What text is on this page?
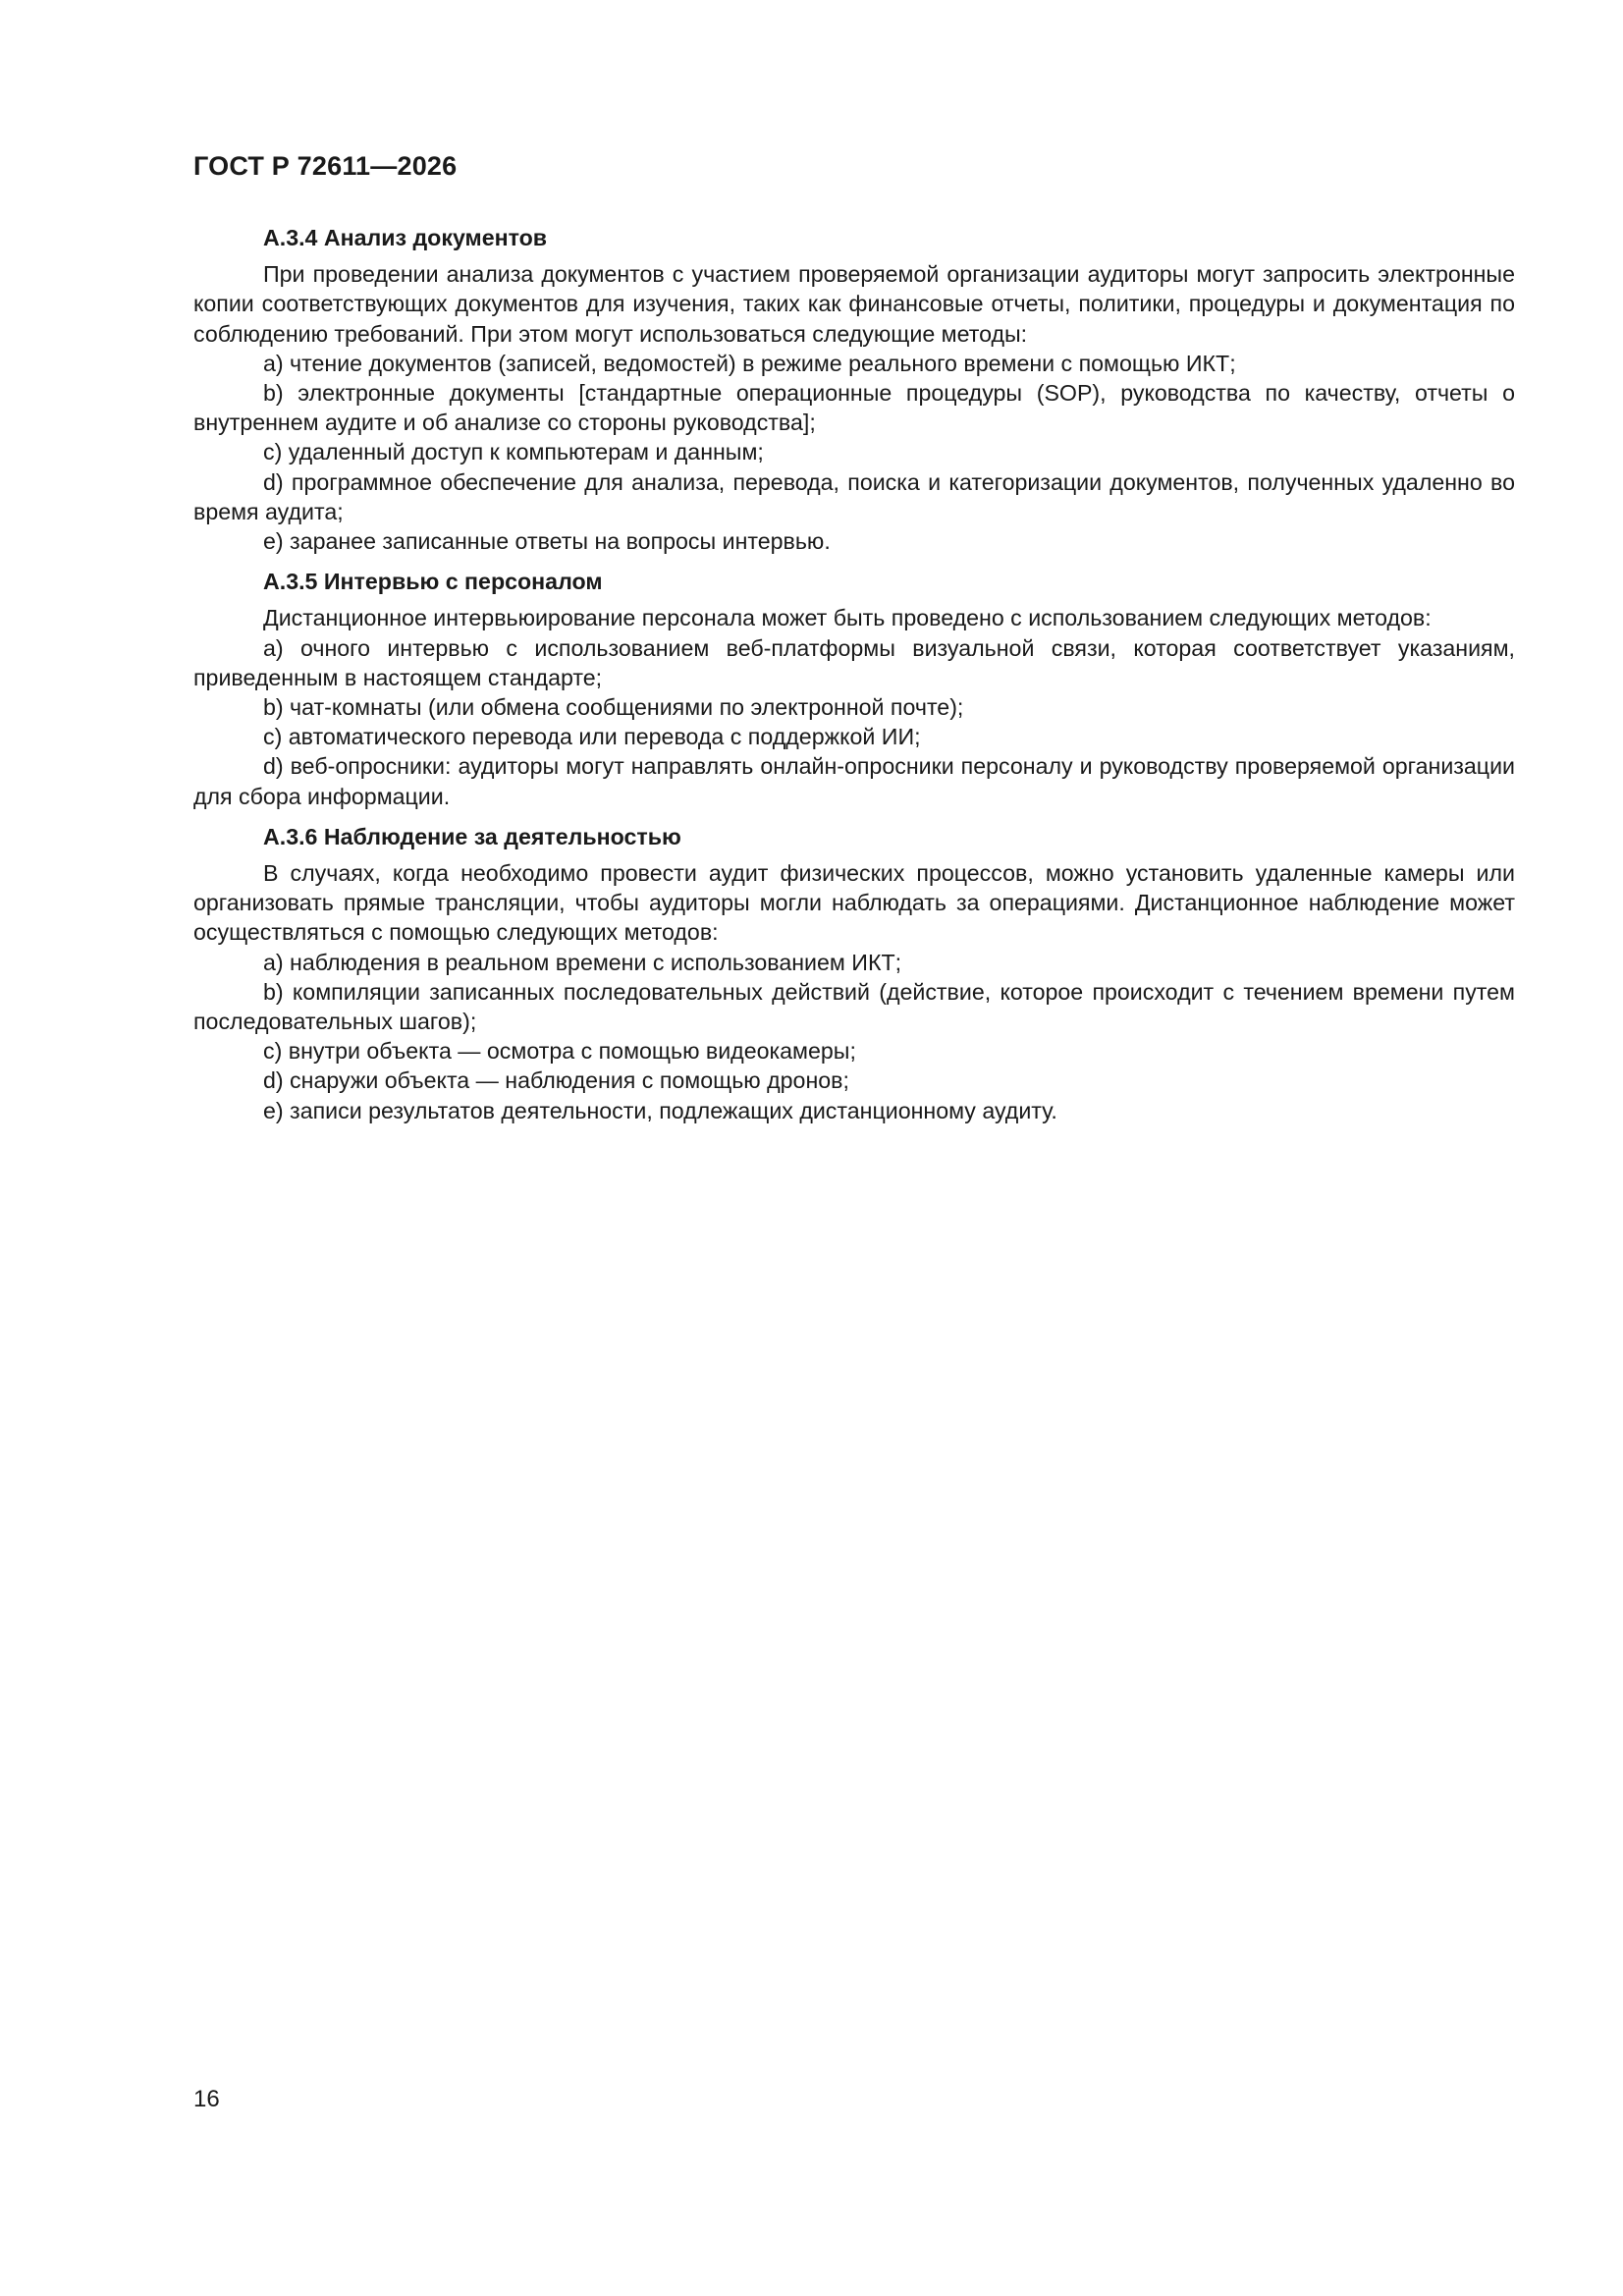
ГОСТ Р 72611—2026
А.3.4 Анализ документов

При проведении анализа документов с участием проверяемой организации аудиторы могут запросить электронные копии соответствующих документов для изучения, таких как финансовые отчеты, политики, процедуры и документация по соблюдению требований. При этом могут использоваться следующие методы:

а) чтение документов (записей, ведомостей) в режиме реального времени с помощью ИКТ;

b) электронные документы [стандартные операционные процедуры (SOP), руководства по качеству, отчеты о внутреннем аудите и об анализе со стороны руководства];

c) удаленный доступ к компьютерам и данным;

d) программное обеспечение для анализа, перевода, поиска и категоризации документов, полученных удаленно во время аудита;

e) заранее записанные ответы на вопросы интервью.

А.3.5 Интервью с персоналом

Дистанционное интервьюирование персонала может быть проведено с использованием следующих методов:

а) очного интервью с использованием веб-платформы визуальной связи, которая соответствует указаниям, приведенным в настоящем стандарте;

b) чат-комнаты (или обмена сообщениями по электронной почте);

c) автоматического перевода или перевода с поддержкой ИИ;

d) веб-опросники: аудиторы могут направлять онлайн-опросники персоналу и руководству проверяемой организации для сбора информации.

А.3.6 Наблюдение за деятельностью

В случаях, когда необходимо провести аудит физических процессов, можно установить удаленные камеры или организовать прямые трансляции, чтобы аудиторы могли наблюдать за операциями. Дистанционное наблюдение может осуществляться с помощью следующих методов:

а) наблюдения в реальном времени с использованием ИКТ;

b) компиляции записанных последовательных действий (действие, которое происходит с течением времени путем последовательных шагов);

c) внутри объекта — осмотра с помощью видеокамеры;

d) снаружи объекта — наблюдения с помощью дронов;

e) записи результатов деятельности, подлежащих дистанционному аудиту.

16
